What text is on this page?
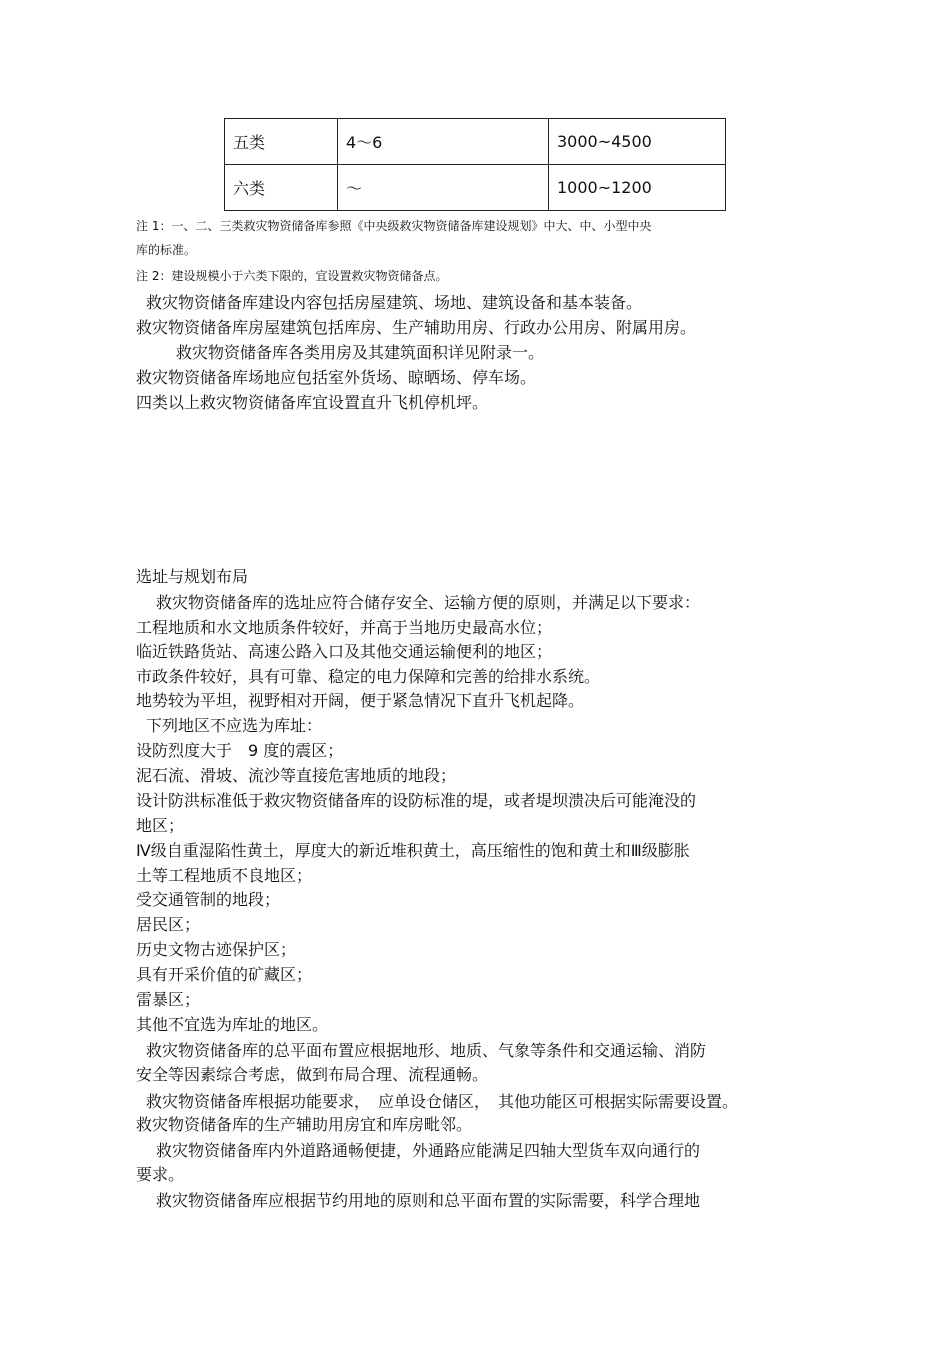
五类	4～6	3000~4500
六类	～	1000~1200
注 1：一、二、三类救灾物资储备库参照《中央级救灾物资储备库建设规划》中大、中、小型中央
库的标准。
注 2：建设规模小于六类下限的，宜设置救灾物资储备点。
救灾物资储备库建设内容包括房屋建筑、场地、建筑设备和基本装备。
救灾物资储备库房屋建筑包括库房、生产辅助用房、行政办公用房、附属用房。
救灾物资储备库各类用房及其建筑面积详见附录一。
救灾物资储备库场地应包括室外货场、晾晒场、停车场。
四类以上救灾物资储备库宜设置直升飞机停机坪。
选址与规划布局
救灾物资储备库的选址应符合储存安全、运输方便的原则，并满足以下要求：
工程地质和水文地质条件较好，并高于当地历史最高水位；
临近铁路货站、高速公路入口及其他交通运输便利的地区；
市政条件较好，具有可靠、稳定的电力保障和完善的给排水系统。
地势较为平坦，视野相对开阔，便于紧急情况下直升飞机起降。
下列地区不应选为库址：
设防烈度大于　9 度的震区；
泥石流、滑坡、流沙等直接危害地质的地段；
设计防洪标准低于救灾物资储备库的设防标准的堤，或者堤坝溃决后可能淹没的
地区；
Ⅳ级自重湿陷性黄土，厚度大的新近堆积黄土，高压缩性的饱和黄土和Ⅲ级膨胀
土等工程地质不良地区；
受交通管制的地段；
居民区；
历史文物古迹保护区；
具有开采价值的矿藏区；
雷暴区；
其他不宜选为库址的地区。
救灾物资储备库的总平面布置应根据地形、地质、气象等条件和交通运输、消防
安全等因素综合考虑，做到布局合理、流程通畅。
救灾物资储备库根据功能要求，　应单设仓储区，　其他功能区可根据实际需要设置。
救灾物资储备库的生产辅助用房宜和库房毗邻。
救灾物资储备库内外道路通畅便捷，外通路应能满足四轴大型货车双向通行的
要求。
救灾物资储备库应根据节约用地的原则和总平面布置的实际需要，科学合理地
